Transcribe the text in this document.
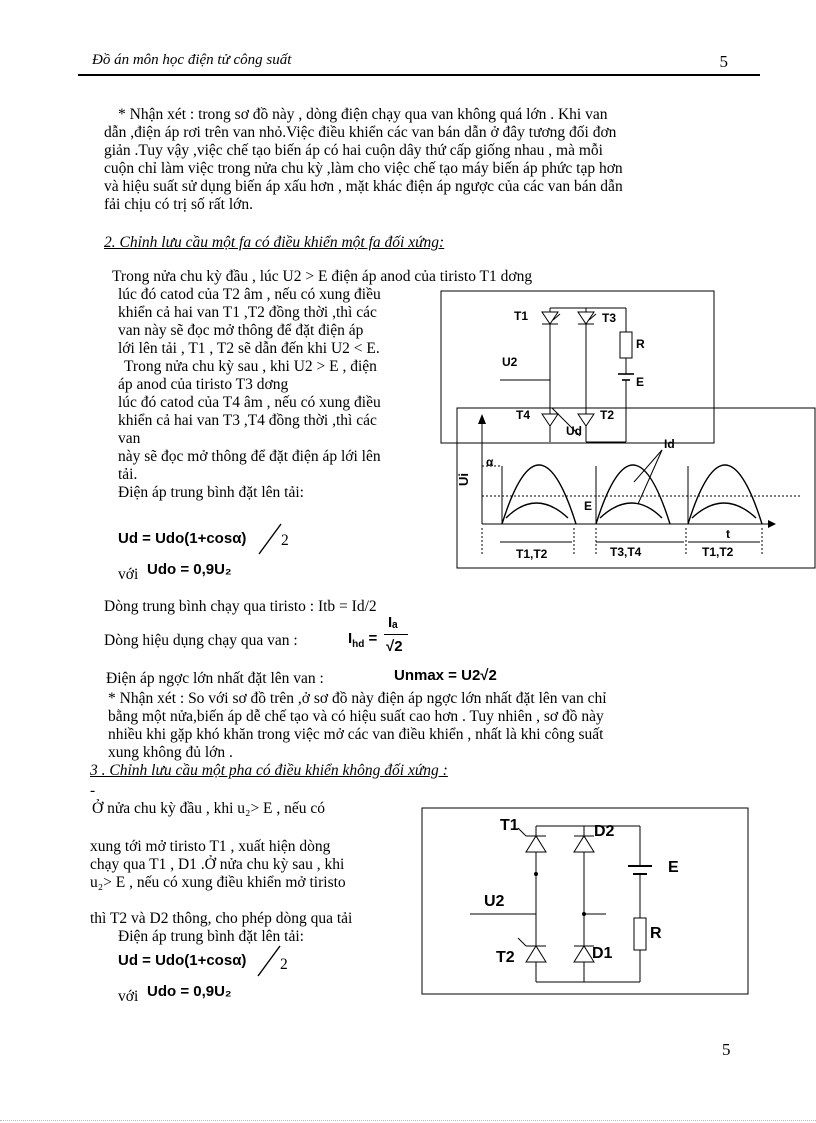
Đồ án môn học điện tử công suất	5
* Nhận xét : trong sơ đồ này , dòng điện chạy qua van không quá lớn . Khi van
dẫn ,điện áp rơi trên van nhỏ.Việc điều khiển các van bán dẫn ở đây tương đối đơn
giản .Tuy vậy ,việc chế tạo biến áp có hai cuộn dây thứ cấp giống nhau , mà mỗi
cuộn chỉ làm việc trong nửa chu kỳ ,làm cho việc chế tạo máy biến áp phức tạp hơn
và hiệu suất sử dụng biến áp xấu hơn , mặt khác điện áp ngược của các van bán dẫn
fải chịu có trị số rất lớn.
2. Chỉnh lưu cầu một fa có điều khiển một fa đối xứng:
Trong nửa chu kỳ đầu , lúc U2 > E điện áp anod của tiristo T1 dơng
lúc đó catod của T2 âm , nếu có xung điều
khiển cả hai van T1 ,T2 đồng thời ,thì các
van này sẽ đọc mở thông để đặt điện áp
lới lên tải , T1 , T2 sẽ dẫn đến khi U2 < E.
Trong nửa chu kỳ sau , khi U2 > E , điện
áp anod của tiristo T3 dơng
lúc đó catod của T4 âm , nếu có xung điều
khiển cả hai van T3 ,T4 đồng thời ,thì các
van
này sẽ đọc mở thông để đặt điện áp lới lên
tải.
Điện áp trung bình đặt lên tải:
Ud = Udo(1+cosα) 2
với Udo = 0,9U₂
Dòng trung bình chạy qua tiristo : Itb = Id/2
Dòng hiệu dụng chạy qua van :	$I_{hd}$ =
Iₐ
√2
Điện áp ngợc lớn nhất đặt lên van :	Unmax = U2√2
* Nhận xét : So với sơ đồ trên ,ở sơ đồ này điện áp ngợc lớn nhất đặt lên van chỉ
bằng một nửa,biến áp dễ chế tạo và có hiệu suất cao hơn . Tuy nhiên , sơ đồ này
nhiều khi gặp khó khăn trong việc mở các van điều khiển , nhất là khi công suất
xung không đủ lớn .
T1	T3
U2
R
E
T4	T2
Ud
Ui
α
Id
E
t
T1,T2	T3,T4	T1,T2
3 . Chỉnh lưu cầu một pha có điều khiển không đối xứng :
-
Ở nửa chu kỳ đầu , khi u₂> E , nếu có
xung tới mở tiristo T1 , xuất hiện dòng
chạy qua T1 , D1 .Ở nửa chu kỳ sau , khi
u₂> E , nếu có xung điều khiển mở tiristo
thì T2 và D2 thông, cho phép dòng qua tải
Điện áp trung bình đặt lên tải:
Ud = Udo(1+cosα) 2
với Udo = 0,9U₂
T1	D2
E
U2
T2	D1
R
5
